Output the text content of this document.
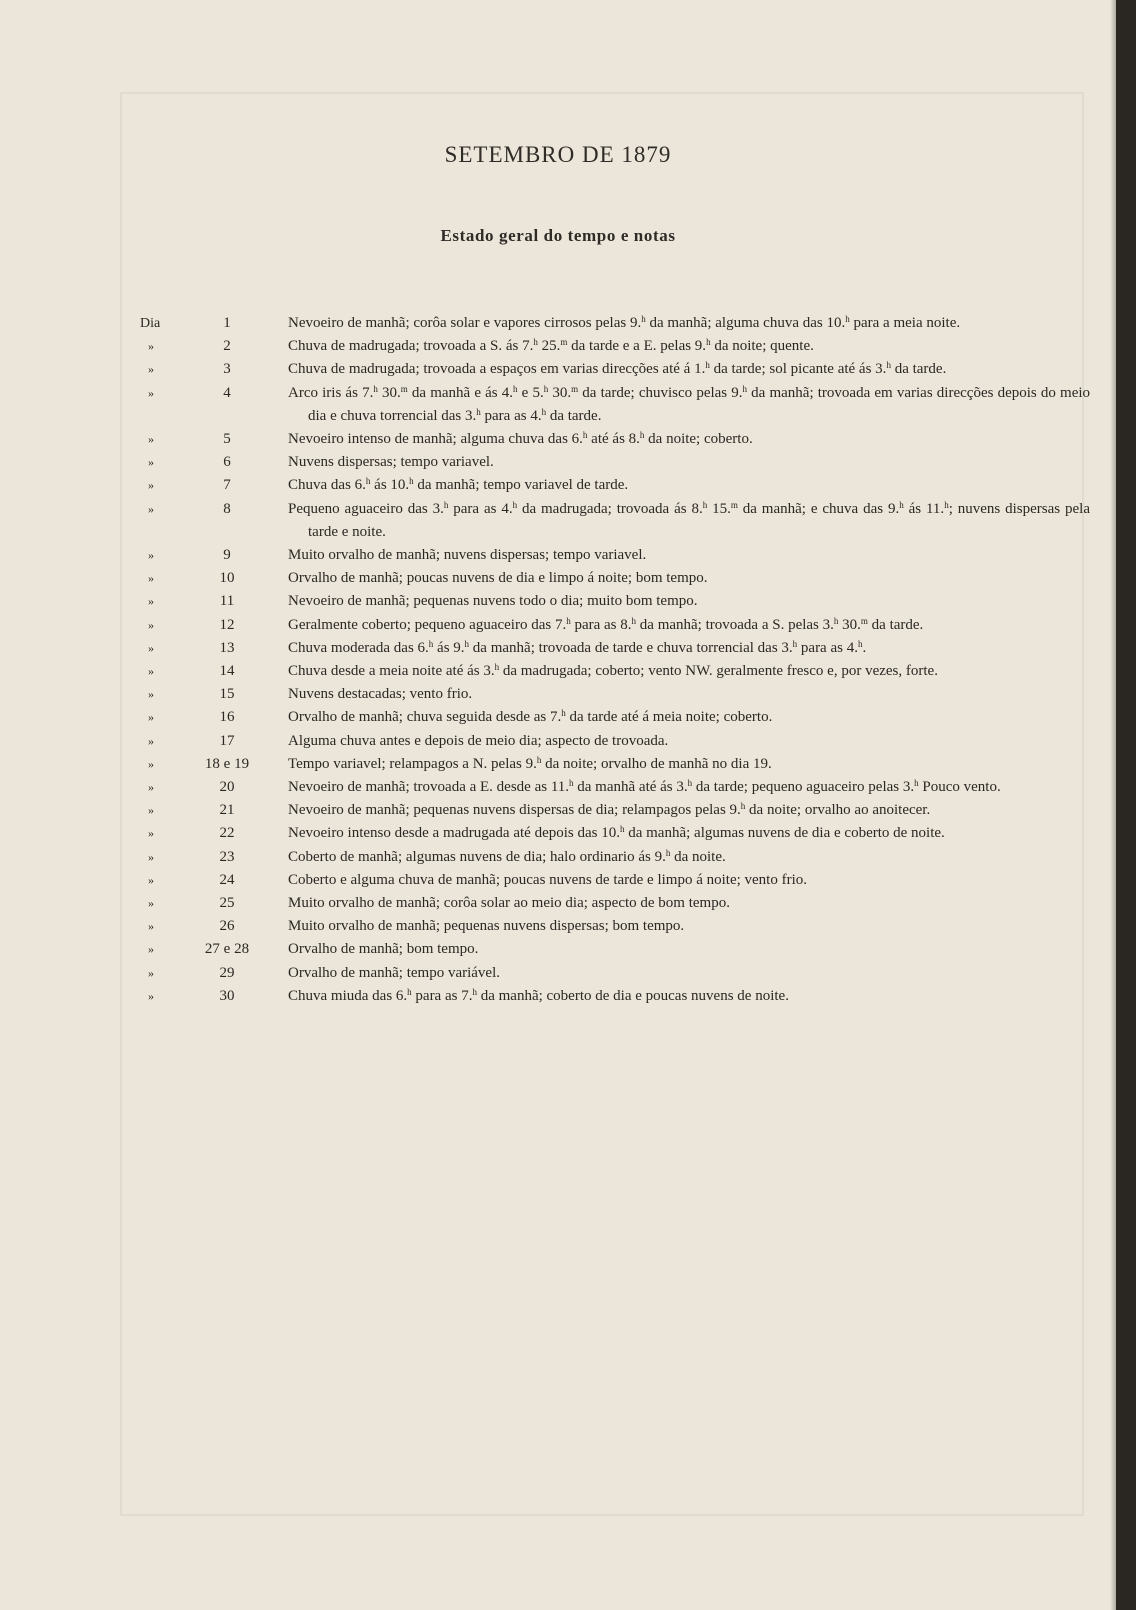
SETEMBRO DE 1879
Estado geral do tempo e notas
Dia	1	Nevoeiro de manhã; corôa solar e vapores cirrosos pelas 9.$^h$ da manhã; alguma chuva das 10.$^h$ para a meia noite.
»	2	Chuva de madrugada; trovoada a S. ás 7.$^h$ 25.$^m$ da tarde e a E. pelas 9.$^h$ da noite; quente.
»	3	Chuva de madrugada; trovoada a espaços em varias direcções até á 1.$^h$ da tarde; sol picante até ás 3.$^h$ da tarde.
»	4	Arco iris ás 7.$^h$ 30.$^m$ da manhã e ás 4.$^h$ e 5.$^h$ 30.$^m$ da tarde; chuvisco pelas 9.$^h$ da manhã; trovoada em varias direcções depois do meio dia e chuva torrencial das 3.$^h$ para as 4.$^h$ da tarde.
»	5	Nevoeiro intenso de manhã; alguma chuva das 6.$^h$ até ás 8.$^h$ da noite; coberto.
»	6	Nuvens dispersas; tempo variavel.
»	7	Chuva das 6.$^h$ ás 10.$^h$ da manhã; tempo variavel de tarde.
»	8	Pequeno aguaceiro das 3.$^h$ para as 4.$^h$ da madrugada; trovoada ás 8.$^h$ 15.$^m$ da manhã; e chuva das 9.$^h$ ás 11.$^h$; nuvens dispersas pela tarde e noite.
»	9	Muito orvalho de manhã; nuvens dispersas; tempo variavel.
»	10	Orvalho de manhã; poucas nuvens de dia e limpo á noite; bom tempo.
»	11	Nevoeiro de manhã; pequenas nuvens todo o dia; muito bom tempo.
»	12	Geralmente coberto; pequeno aguaceiro das 7.$^h$ para as 8.$^h$ da manhã; trovoada a S. pelas 3.$^h$ 30.$^m$ da tarde.
»	13	Chuva moderada das 6.$^h$ ás 9.$^h$ da manhã; trovoada de tarde e chuva torrencial das 3.$^h$ para as 4.$^h$.
»	14	Chuva desde a meia noite até ás 3.$^h$ da madrugada; coberto; vento NW. geralmente fresco e, por vezes, forte.
»	15	Nuvens destacadas; vento frio.
»	16	Orvalho de manhã; chuva seguida desde as 7.$^h$ da tarde até á meia noite; coberto.
»	17	Alguma chuva antes e depois de meio dia; aspecto de trovoada.
»	18 e 19	Tempo variavel; relampagos a N. pelas 9.$^h$ da noite; orvalho de manhã no dia 19.
»	20	Nevoeiro de manhã; trovoada a E. desde as 11.$^h$ da manhã até ás 3.$^h$ da tarde; pequeno aguaceiro pelas 3.$^h$ Pouco vento.
»	21	Nevoeiro de manhã; pequenas nuvens dispersas de dia; relampagos pelas 9.$^h$ da noite; orvalho ao anoitecer.
»	22	Nevoeiro intenso desde a madrugada até depois das 10.$^h$ da manhã; algumas nuvens de dia e coberto de noite.
»	23	Coberto de manhã; algumas nuvens de dia; halo ordinario ás 9.$^h$ da noite.
»	24	Coberto e alguma chuva de manhã; poucas nuvens de tarde e limpo á noite; vento frio.
»	25	Muito orvalho de manhã; corôa solar ao meio dia; aspecto de bom tempo.
»	26	Muito orvalho de manhã; pequenas nuvens dispersas; bom tempo.
»	27 e 28	Orvalho de manhã; bom tempo.
»	29	Orvalho de manhã; tempo variável.
»	30	Chuva miuda das 6.$^h$ para as 7.$^h$ da manhã; coberto de dia e poucas nuvens de noite.
